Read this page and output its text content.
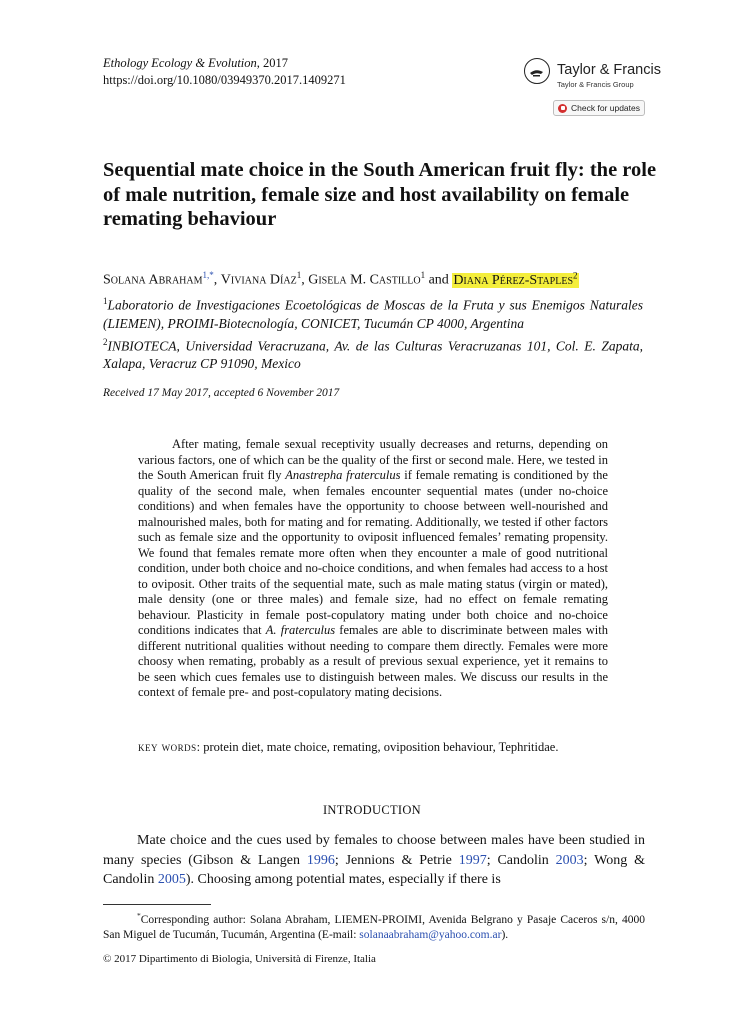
Ethology Ecology & Evolution, 2017
https://doi.org/10.1080/03949370.2017.1409271
Taylor & Francis
Taylor & Francis Group
Check for updates
Sequential mate choice in the South American fruit fly: the role of male nutrition, female size and host availability on female remating behaviour
Solana Abraham$^{1,*}$, Viviana Díaz$^1$, Gisela M. Castillo$^1$ and Diana Pérez-Staples$^2$
$^1$Laboratorio de Investigaciones Ecoetológicas de Moscas de la Fruta y sus Enemigos Naturales (LIEMEN), PROIMI-Biotecnología, CONICET, Tucumán CP 4000, Argentina
$^2$INBIOTECA, Universidad Veracruzana, Av. de las Culturas Veracruzanas 101, Col. E. Zapata, Xalapa, Veracruz CP 91090, Mexico
Received 17 May 2017, accepted 6 November 2017

After mating, female sexual receptivity usually decreases and returns, depending on various factors, one of which can be the quality of the first or second male. Here, we tested in the South American fruit fly Anastrepha fraterculus if female remating is conditioned by the quality of the second male, when females encounter sequential mates (under no-choice conditions) and when females have the opportunity to choose between well-nourished and malnourished males, both for mating and for remating. Additionally, we tested if other factors such as female size and the opportunity to oviposit influenced females’ remating propensity. We found that females remate more often when they encounter a male of good nutritional condition, under both choice and no-choice conditions, and when females had access to a host to oviposit. Other traits of the sequential mate, such as male mating status (virgin or mated), male density (one or three males) and female size, had no effect on female remating behaviour. Plasticity in female post-copulatory mating under both choice and no-choice conditions indicates that A. fraterculus females are able to discriminate between males with different nutritional qualities without needing to compare them directly. Females were more choosy when remating, probably as a result of previous sexual experience, yet it remains to be seen which cues females use to distinguish between males. We discuss our results in the context of female pre- and post-copulatory mating decisions.

key words: protein diet, mate choice, remating, oviposition behaviour, Tephritidae.
INTRODUCTION

Mate choice and the cues used by females to choose between males have been studied in many species (Gibson & Langen 1996; Jennions & Petrie 1997; Candolin 2003; Wong & Candolin 2005). Choosing among potential mates, especially if there is

*Corresponding author: Solana Abraham, LIEMEN-PROIMI, Avenida Belgrano y Pasaje Caceros s/n, 4000 San Miguel de Tucumán, Tucumán, Argentina (E-mail: solanaabraham@yahoo.com.ar).

© 2017 Dipartimento di Biologia, Università di Firenze, Italia
